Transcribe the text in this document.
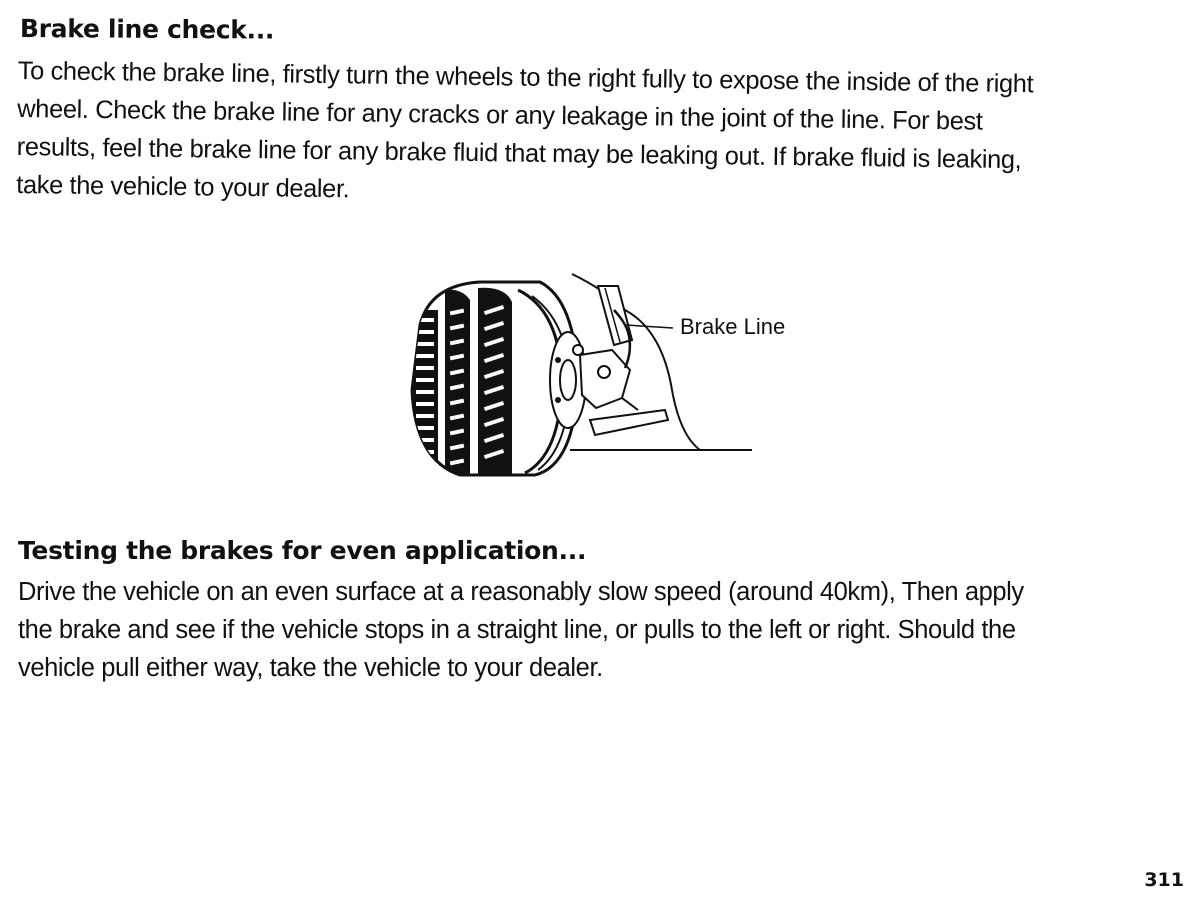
Brake line check...

To check the brake line, firstly turn the wheels to the right fully to expose the inside of the right
wheel. Check the brake line for any cracks or any leakage in the joint of the line. For best
results, feel the brake line for any brake fluid that may be leaking out. If brake fluid is leaking,
take the vehicle to your dealer.

Brake Line
Testing the brakes for even application...

Drive the vehicle on an even surface at a reasonably slow speed (around 40km), Then apply
the brake and see if the vehicle stops in a straight line, or pulls to the left or right. Should the
vehicle pull either way, take the vehicle to your dealer.

311
